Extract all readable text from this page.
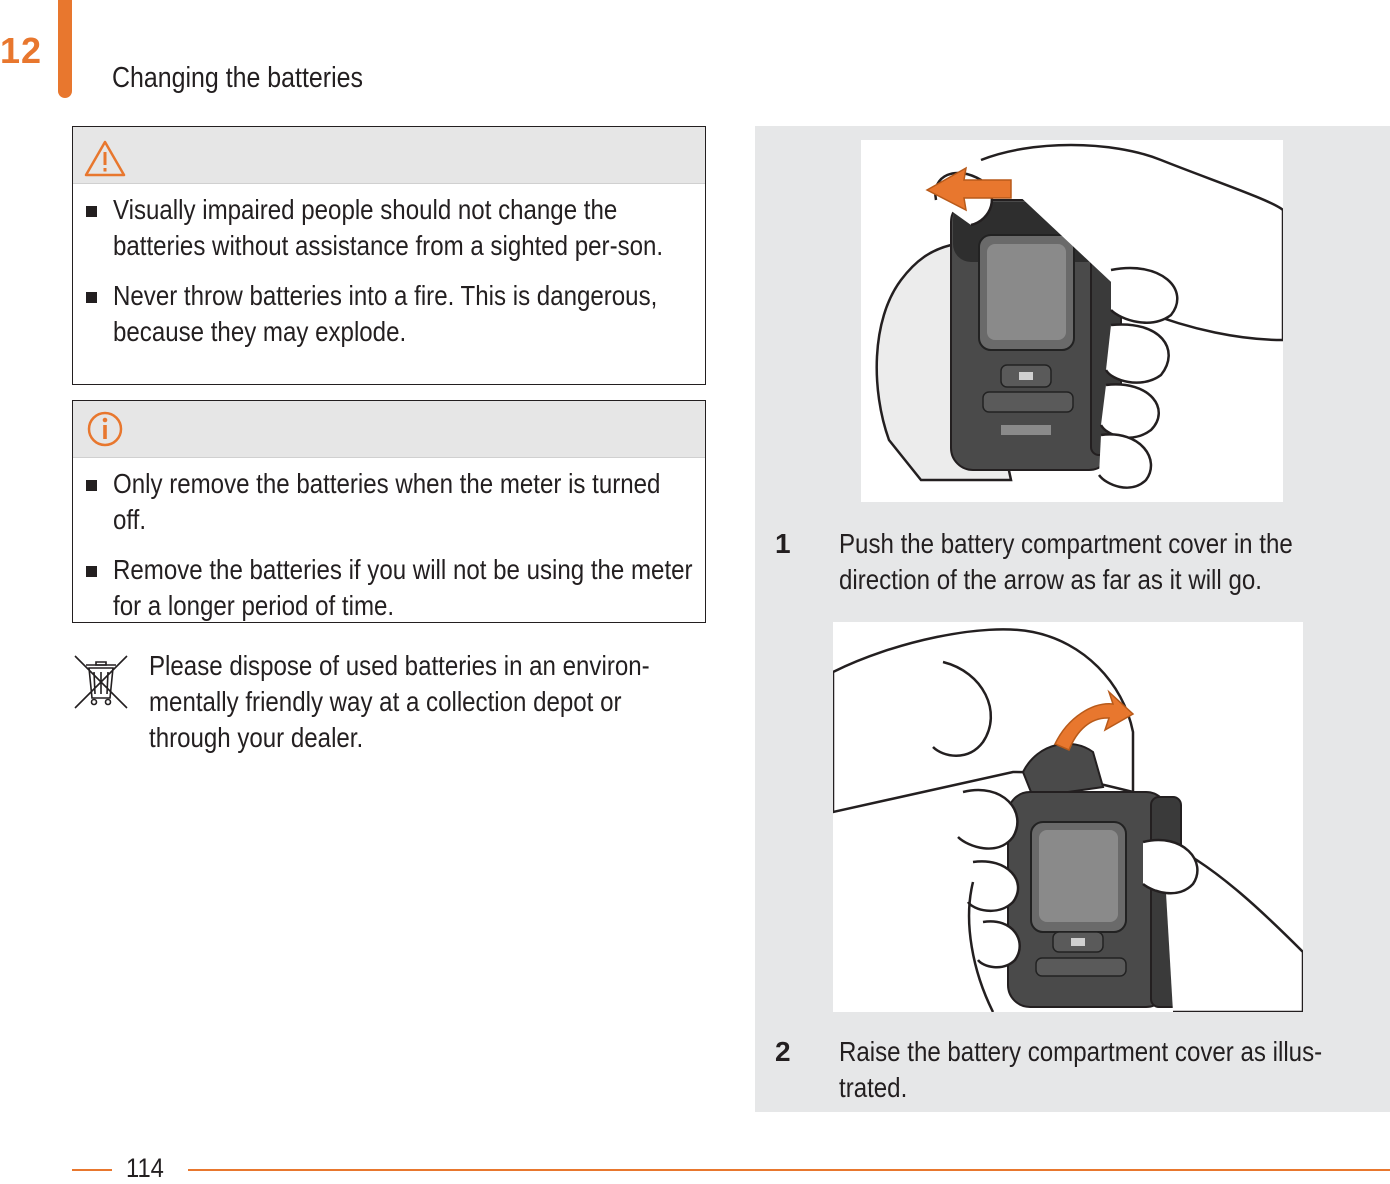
12
Changing the batteries
Visually impaired people should not change the batteries without assistance from a sighted per-son.
Never throw batteries into a fire. This is dangerous, because they may explode.
Only remove the batteries when the meter is turned off.
Remove the batteries if you will not be using the meter for a longer period of time.
Please dispose of used batteries in an environ-mentally friendly way at a collection depot or through your dealer.
1	Push the battery compartment cover in the direction of the arrow as far as it will go.
2	Raise the battery compartment cover as illus-trated.
114
